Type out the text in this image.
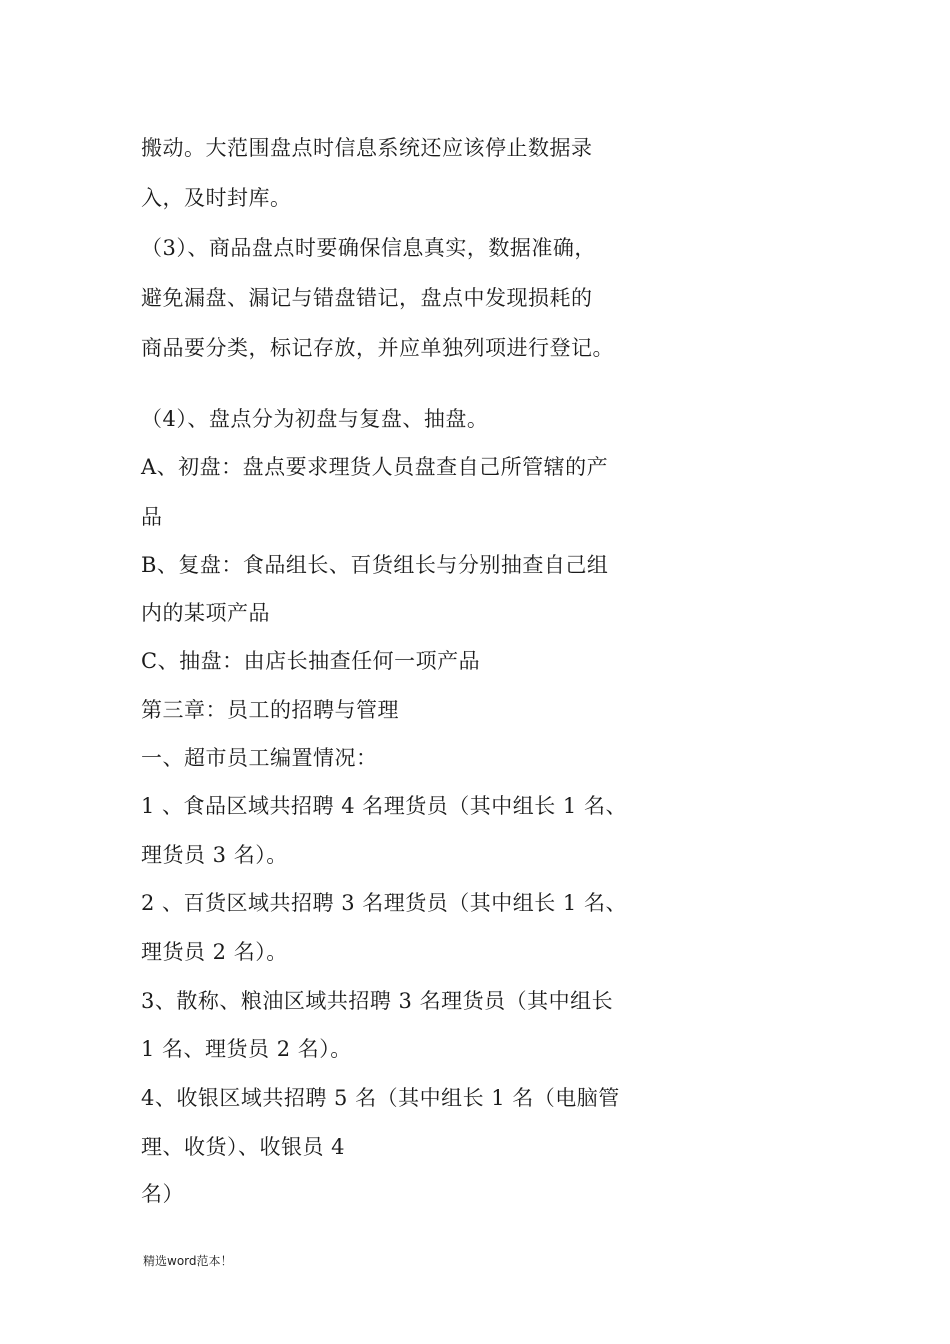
搬动。大范围盘点时信息系统还应该停止数据录
入，及时封库。
（3）、商品盘点时要确保信息真实，数据准确，
避免漏盘、漏记与错盘错记，盘点中发现损耗的
商品要分类，标记存放，并应单独列项进行登记。
（4）、盘点分为初盘与复盘、抽盘。
A、初盘：盘点要求理货人员盘查自己所管辖的产
品
B、复盘：食品组长、百货组长与分别抽查自己组
内的某项产品
C、抽盘：由店长抽查任何一项产品
第三章：员工的招聘与管理
一、超市员工编置情况：
1 、食品区域共招聘 4 名理货员（其中组长 1 名、
理货员 3 名）。
2 、百货区域共招聘 3 名理货员（其中组长 1 名、
理货员 2 名）。
3、散称、粮油区域共招聘 3 名理货员（其中组长
1 名、理货员 2 名）。
4、收银区域共招聘 5 名（其中组长 1 名（电脑管
理、收货）、收银员 4
名）
精选word范本！
